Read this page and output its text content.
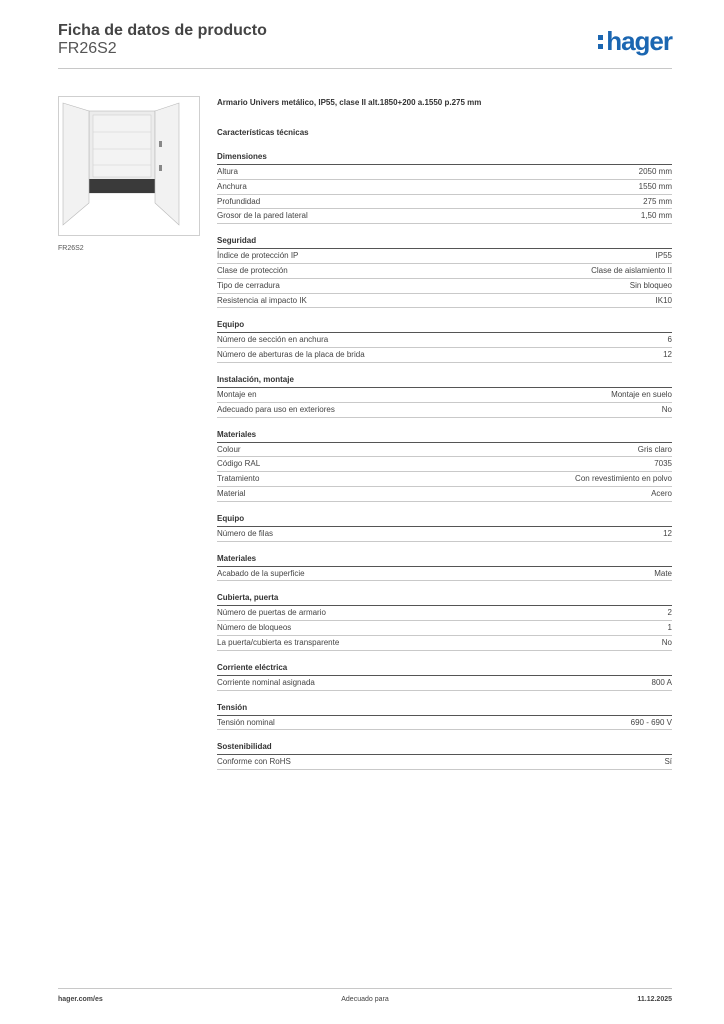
Ficha de datos de producto
FR26S2	hager
FR26S2
Armario Univers metálico, IP55, clase II alt.1850+200 a.1550 p.275 mm
Características técnicas
Dimensiones
Altura	2050 mm
Anchura	1550 mm
Profundidad	275 mm
Grosor de la pared lateral	1,50 mm
Seguridad
Índice de protección IP	IP55
Clase de protección	Clase de aislamiento II
Tipo de cerradura	Sin bloqueo
Resistencia al impacto IK	IK10
Equipo
Número de sección en anchura	6
Número de aberturas de la placa de brida	12
Instalación, montaje
Montaje en	Montaje en suelo
Adecuado para uso en exteriores	No
Materiales
Colour	Gris claro
Código RAL	7035
Tratamiento	Con revestimiento en polvo
Material	Acero
Equipo
Número de filas	12
Materiales
Acabado de la superficie	Mate
Cubierta, puerta
Número de puertas de armario	2
Número de bloqueos	1
La puerta/cubierta es transparente	No
Corriente eléctrica
Corriente nominal asignada	800 A
Tensión
Tensión nominal	690 - 690 V
Sostenibilidad
Conforme con RoHS	Sí
hager.com/es	Adecuado para	11.12.2025
